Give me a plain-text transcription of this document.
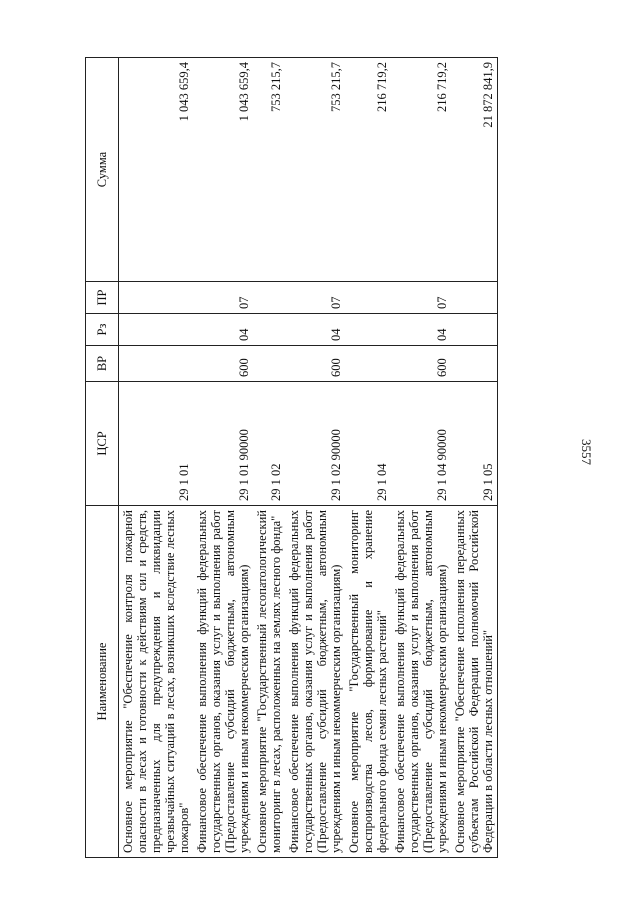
3557
Наименование	ЦСР	ВР	Рз	ПР	Сумма
Основное мероприятие "Обеспечение контроля пожарной опасности в лесах и готовности к действиям сил и средств, предназначенных для предупреждения и ликвидации чрезвычайных ситуаций в лесах, возникших вследствие лесных пожаров"	29 1 01				1 043 659,4
Финансовое обеспечение выполнения функций федеральных государственных органов, оказания услуг и выполнения работ (Предоставление субсидий бюджетным, автономным учреждениям и иным некоммерческим организациям)	29 1 01 90000	600	04	07	1 043 659,4
Основное мероприятие "Государственный лесопатологический мониторинг в лесах, расположенных на землях лесного фонда"	29 1 02				753 215,7
Финансовое обеспечение выполнения функций федеральных государственных органов, оказания услуг и выполнения работ (Предоставление субсидий бюджетным, автономным учреждениям и иным некоммерческим организациям)	29 1 02 90000	600	04	07	753 215,7
Основное мероприятие "Государственный мониторинг воспроизводства лесов, формирование и хранение федерального фонда семян лесных растений"	29 1 04				216 719,2
Финансовое обеспечение выполнения функций федеральных государственных органов, оказания услуг и выполнения работ (Предоставление субсидий бюджетным, автономным учреждениям и иным некоммерческим организациям)	29 1 04 90000	600	04	07	216 719,2
Основное мероприятие "Обеспечение исполнения переданных субъектам Российской Федерации полномочий Российской Федерации в области лесных отношений"	29 1 05				21 872 841,9
